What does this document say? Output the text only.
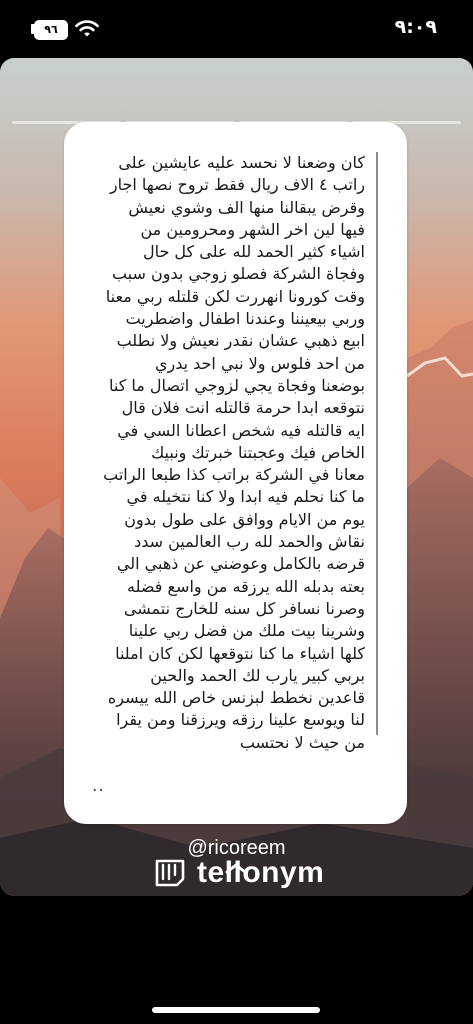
٩٦	٩:٠٩

كان وضعنا لا نحسد عليه عايشين على
راتب ٤ الاف ريال فقط تروح نصها اجار
وقرض يبقالنا منها الف وشوي نعيش
فيها لين اخر الشهر ومحرومين من
اشياء كثير الحمد لله على كل حال
وفجاة الشركة فصلو زوجي بدون سبب
وقت كورونا انهررت لكن قلتله ربي معنا
وربي بيعيننا وعندنا اطفال واضطريت
ابيع ذهبي عشان نقدر نعيش ولا نطلب
من احد فلوس ولا نبي احد يدري
بوضعنا وفجاة يجي لزوجي اتصال ما كنا
نتوقعه ابدا حرمة قالتله انت فلان قال
ايه قالتله فيه شخص اعطانا السي في
الخاص فيك وعجبتنا خبرتك ونبيك
معانا في الشركة براتب كذا طبعا الراتب
ما كنا نحلم فيه ابدا ولا كنا نتخيله في
يوم من الايام ووافق على طول بدون
نقاش والحمد لله رب العالمين سدد
قرضه بالكامل وعوضني عن ذهبي الي
بعته بدبله الله يرزقه من واسع فضله
وصرنا نسافر كل سنه للخارج نتمشى
وشرينا بيت ملك من فضل ربي علينا
كلها اشياء ما كنا نتوقعها لكن كان املنا
بربي كبير يارب لك الحمد والحين
قاعدين نخطط لبزنس خاص الله ييسره
لنا ويوسع علينا رزقه ويرزقنا ومن يقرا
من حيث لا نحتسب

..
tellonym
@ricoreem
